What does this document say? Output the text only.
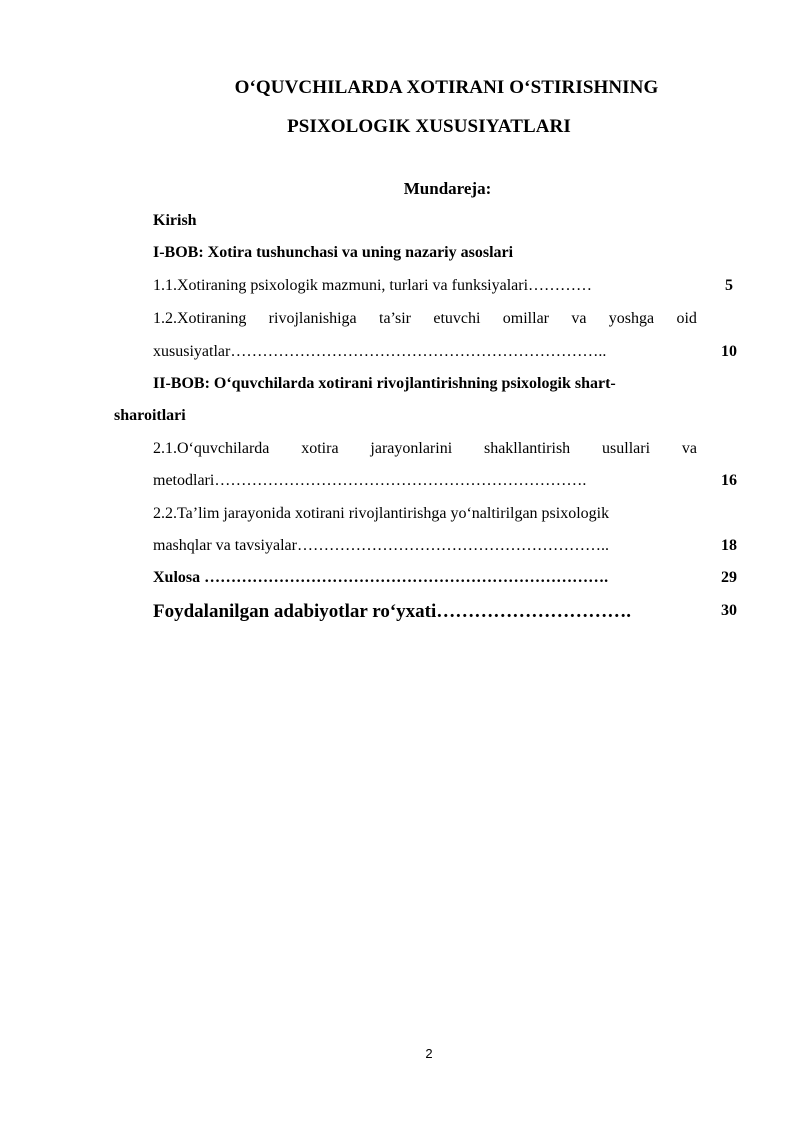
O‘QUVCHILARDA XOTIRANI O‘STIRISHNING
PSIXOLOGIK XUSUSIYATLARI
Mundareja:
Kirish
I-BOB: Xotira tushunchasi va uning nazariy asoslari
1.1.Xotiraning psixologik mazmuni, turlari va funksiyalari…………	5
1.2.Xotiraning rivojlanishiga ta’sir etuvchi omillar va yoshga oid
xususiyatlar……………………………………………………………..	10
II-BOB: O‘quvchilarda xotirani rivojlantirishning psixologik shart-
sharoitlari
2.1.O‘quvchilarda xotira jarayonlarini shakllantirish usullari va
metodlari…………………………………………………………….	16
2.2.Ta’lim jarayonida xotirani rivojlantirishga yo‘naltirilgan psixologik
mashqlar va tavsiyalar…………………………………………………..	18
Xulosa ………………………………………………………………….	29
Foydalanilgan adabiyotlar ro‘yxati………………………….	30
2
